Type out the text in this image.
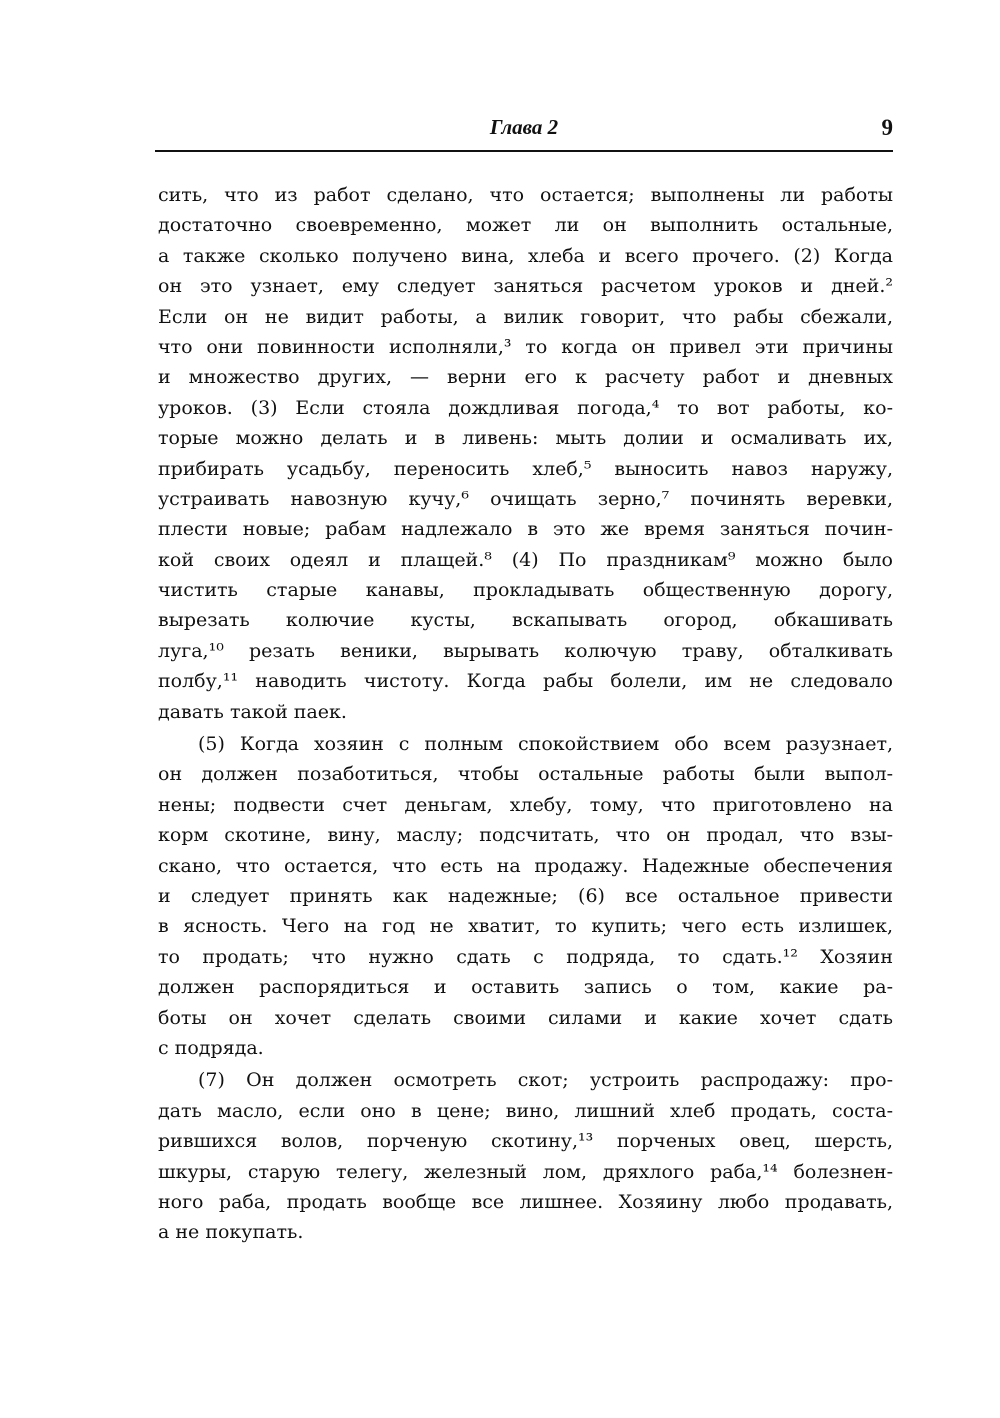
Глава 2	9
сить, что из работ сделано, что остается; выполнены ли работы
достаточно своевременно, может ли он выполнить остальные,
а также сколько получено вина, хлеба и всего прочего. (2) Когда
он это узнает, ему следует заняться расчетом уроков и дней.²
Если он не видит работы, а вилик говорит, что рабы сбежали,
что они повинности исполняли,³ то когда он привел эти причины
и множество других, — верни его к расчету работ и дневных
уроков. (3) Если стояла дождливая погода,⁴ то вот работы, ко-
торые можно делать и в ливень: мыть долии и осмаливать их,
прибирать усадьбу, переносить хлеб,⁵ выносить навоз наружу,
устраивать навозную кучу,⁶ очищать зерно,⁷ починять веревки,
плести новые; рабам надлежало в это же время заняться почин-
кой своих одеял и плащей.⁸ (4) По праздникам⁹ можно было
чистить старые канавы, прокладывать общественную дорогу,
вырезать колючие кусты, вскапывать огород, обкашивать
луга,¹⁰ резать веники, вырывать колючую траву, обталкивать
полбу,¹¹ наводить чистоту. Когда рабы болели, им не следовало
давать такой паек.
(5) Когда хозяин с полным спокойствием обо всем разузнает,
он должен позаботиться, чтобы остальные работы были выпол-
нены; подвести счет деньгам, хлебу, тому, что приготовлено на
корм скотине, вину, маслу; подсчитать, что он продал, что взы-
скано, что остается, что есть на продажу. Надежные обеспечения
и следует принять как надежные; (6) все остальное привести
в ясность. Чего на год не хватит, то купить; чего есть излишек,
то продать; что нужно сдать с подряда, то сдать.¹² Хозяин
должен распорядиться и оставить запись о том, какие ра-
боты он хочет сделать своими силами и какие хочет сдать
с подряда.
(7) Он должен осмотреть скот; устроить распродажу: про-
дать масло, если оно в цене; вино, лишний хлеб продать, соста-
рившихся волов, порченую скотину,¹³ порченых овец, шерсть,
шкуры, старую телегу, железный лом, дряхлого раба,¹⁴ болезнен-
ного раба, продать вообще все лишнее. Хозяину любо продавать,
а не покупать.
